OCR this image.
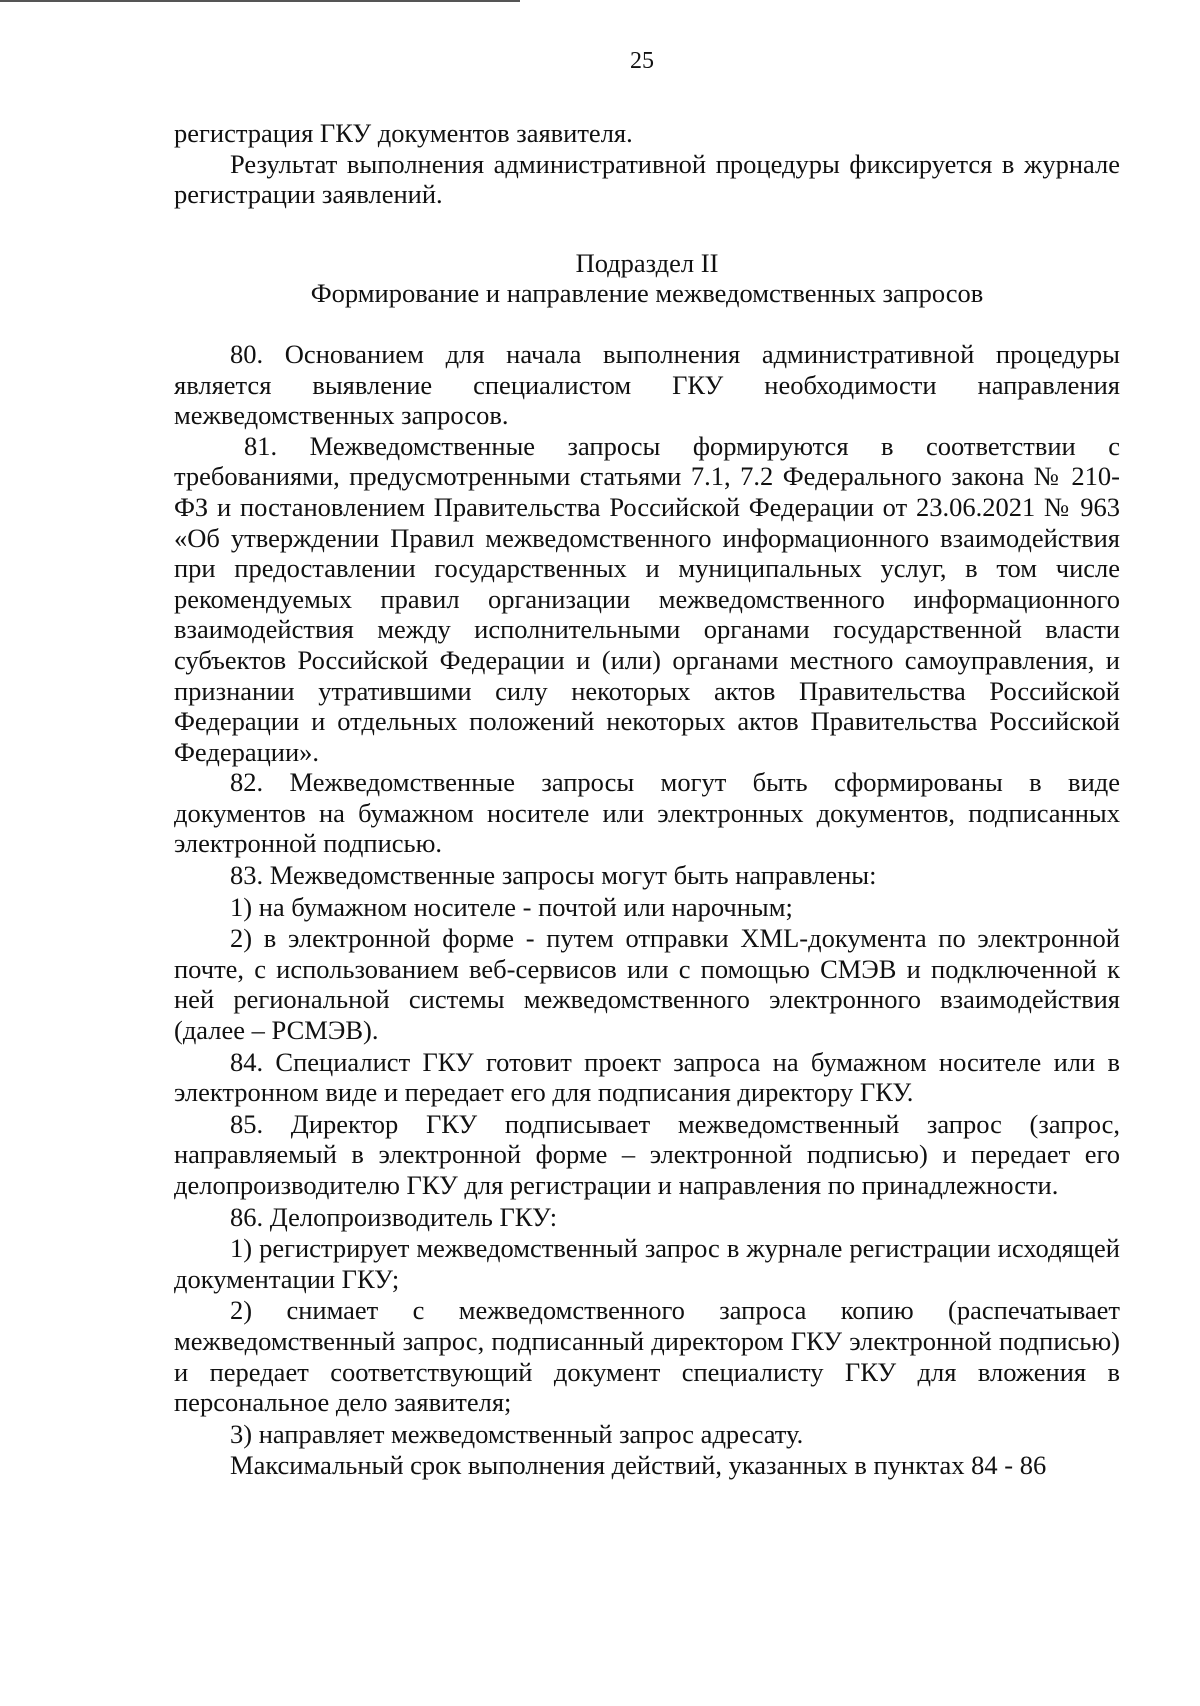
25

регистрация ГКУ документов заявителя.

Результат выполнения административной процедуры фиксируется в журнале регистрации заявлений.

Подраздел II

Формирование и направление межведомственных запросов

80. Основанием для начала выполнения административной процедуры является выявление специалистом ГКУ необходимости направления межведомственных запросов.

81. Межведомственные запросы формируются в соответствии с требованиями, предусмотренными статьями 7.1, 7.2 Федерального закона № 210-ФЗ и постановлением Правительства Российской Федерации от 23.06.2021 № 963 «Об утверждении Правил межведомственного информационного взаимодействия при предоставлении государственных и муниципальных услуг, в том числе рекомендуемых правил организации межведомственного информационного взаимодействия между исполнительными органами государственной власти субъектов Российской Федерации и (или) органами местного самоуправления, и признании утратившими силу некоторых актов Правительства Российской Федерации и отдельных положений некоторых актов Правительства Российской Федерации».

82. Межведомственные запросы могут быть сформированы в виде документов на бумажном носителе или электронных документов, подписанных электронной подписью.

83. Межведомственные запросы могут быть направлены:

1) на бумажном носителе - почтой или нарочным;

2) в электронной форме - путем отправки XML-документа по электронной почте, с использованием веб-сервисов или с помощью СМЭВ и подключенной к ней региональной системы межведомственного электронного взаимодействия (далее – РСМЭВ).

84. Специалист ГКУ готовит проект запроса на бумажном носителе или в электронном виде и передает его для подписания директору ГКУ.

85. Директор ГКУ подписывает межведомственный запрос (запрос, направляемый в электронной форме – электронной подписью) и передает его делопроизводителю ГКУ для регистрации и направления по принадлежности.

86. Делопроизводитель ГКУ:

1) регистрирует межведомственный запрос в журнале регистрации исходящей документации ГКУ;

2) снимает с межведомственного запроса копию (распечатывает межведомственный запрос, подписанный директором ГКУ электронной подписью) и передает соответствующий документ специалисту ГКУ для вложения в персональное дело заявителя;

3) направляет межведомственный запрос адресату.

Максимальный срок выполнения действий, указанных в пунктах 84 - 86
